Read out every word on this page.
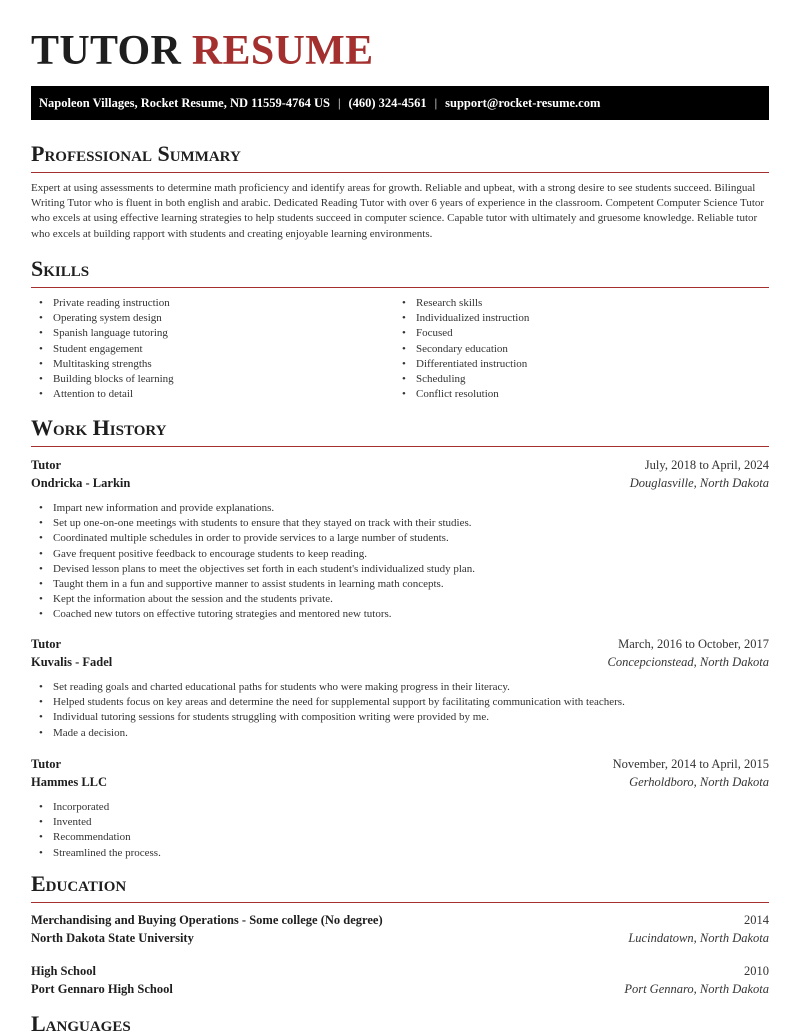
TUTOR RESUME
Napoleon Villages, Rocket Resume, ND 11559-4764 US | (460) 324-4561 | support@rocket-resume.com
Professional Summary

Expert at using assessments to determine math proficiency and identify areas for growth. Reliable and upbeat, with a strong desire to see students succeed. Bilingual Writing Tutor who is fluent in both english and arabic. Dedicated Reading Tutor with over 6 years of experience in the classroom. Competent Computer Science Tutor who excels at using effective learning strategies to help students succeed in computer science. Capable tutor with ultimately and gruesome knowledge. Reliable tutor who excels at building rapport with students and creating enjoyable learning environments.

Skills
• Private reading instruction
• Operating system design
• Spanish language tutoring
• Student engagement
• Multitasking strengths
• Building blocks of learning
• Attention to detail
• Research skills
• Individualized instruction
• Focused
• Secondary education
• Differentiated instruction
• Scheduling
• Conflict resolution
Work History
Tutor	July, 2018 to April, 2024
Ondricka - Larkin	Douglasville, North Dakota
• Impart new information and provide explanations.
• Set up one-on-one meetings with students to ensure that they stayed on track with their studies.
• Coordinated multiple schedules in order to provide services to a large number of students.
• Gave frequent positive feedback to encourage students to keep reading.
• Devised lesson plans to meet the objectives set forth in each student's individualized study plan.
• Taught them in a fun and supportive manner to assist students in learning math concepts.
• Kept the information about the session and the students private.
• Coached new tutors on effective tutoring strategies and mentored new tutors.
Tutor	March, 2016 to October, 2017
Kuvalis - Fadel	Concepcionstead, North Dakota
• Set reading goals and charted educational paths for students who were making progress in their literacy.
• Helped students focus on key areas and determine the need for supplemental support by facilitating communication with teachers.
• Individual tutoring sessions for students struggling with composition writing were provided by me.
• Made a decision.
Tutor	November, 2014 to April, 2015
Hammes LLC	Gerholdboro, North Dakota
• Incorporated
• Invented
• Recommendation
• Streamlined the process.
Education
Merchandising and Buying Operations - Some college (No degree)	2014
North Dakota State University	Lucindatown, North Dakota
High School	2010
Port Gennaro High School	Port Gennaro, North Dakota
Languages
